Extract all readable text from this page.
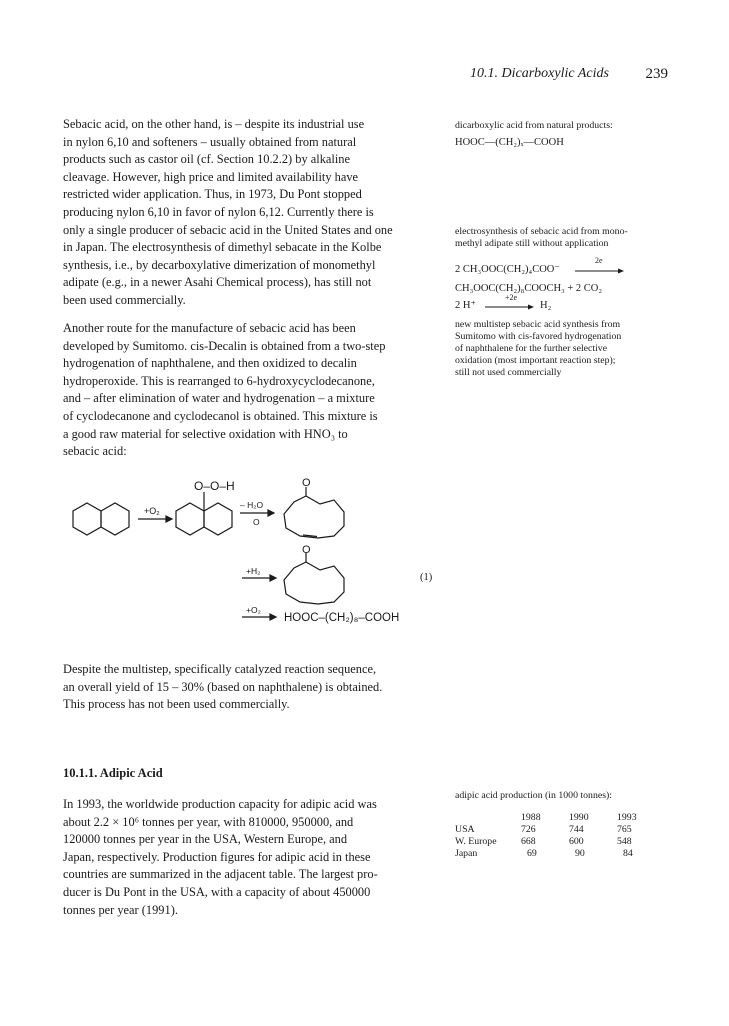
10.1. Dicarboxylic Acids 239

Sebacic acid, on the other hand, is – despite its industrial use

in nylon 6,10 and softeners – usually obtained from natural

products such as castor oil (cf. Section 10.2.2) by alkaline

cleavage. However, high price and limited availability have

restricted wider application. Thus, in 1973, Du Pont stopped

producing nylon 6,10 in favor of nylon 6,12. Currently there is

only a single producer of sebacic acid in the United States and one

in Japan. The electrosynthesis of dimethyl sebacate in the Kolbe

synthesis, i.e., by decarboxylative dimerization of monomethyl

adipate (e.g., in a newer Asahi Chemical process), has still not

been used commercially.

Another route for the manufacture of sebacic acid has been

developed by Sumitomo. cis-Decalin is obtained from a two-step

hydrogenation of naphthalene, and then oxidized to decalin

hydroperoxide. This is rearranged to 6-hydroxycyclodecanone,

and – after elimination of water and hydrogenation – a mixture

of cyclodecanone and cyclodecanol is obtained. This mixture is

a good raw material for selective oxidation with HNO₃ to

sebacic acid:

+O₂
O–O–H
– H₂O
O
O
+H₂
O
(1)
+O₂
HOOC–(CH₂)₈–COOH

Despite the multistep, specifically catalyzed reaction sequence,

an overall yield of 15 – 30% (based on naphthalene) is obtained.

This process has not been used commercially.

10.1.1. Adipic Acid

In 1993, the worldwide production capacity for adipic acid was

about 2.2 × 10⁶ tonnes per year, with 810000, 950000, and

120000 tonnes per year in the USA, Western Europe, and

Japan, respectively. Production figures for adipic acid in these

countries are summarized in the adjacent table. The largest pro-

ducer is Du Pont in the USA, with a capacity of about 450000

tonnes per year (1991).

dicarboxylic acid from natural products:

HOOC—(CH₂)ₓ—COOH

electrosynthesis of sebacic acid from mono-

methyl adipate still without application

2 CH₃OOC(CH₂)₄COO⁻
2e
CH₃OOC(CH₂)₈COOCH₃ + 2 CO₂
2 H⁺
+2e
H₂

new multistep sebacic acid synthesis from

Sumitomo with cis-favored hydrogenation

of naphthalene for the further selective

oxidation (most important reaction step);

still not used commercially

adipic acid production (in 1000 tonnes):

	1988	1990	1993
USA	726	744	765
W. Europe	668	600	548
Japan	69	90	84
